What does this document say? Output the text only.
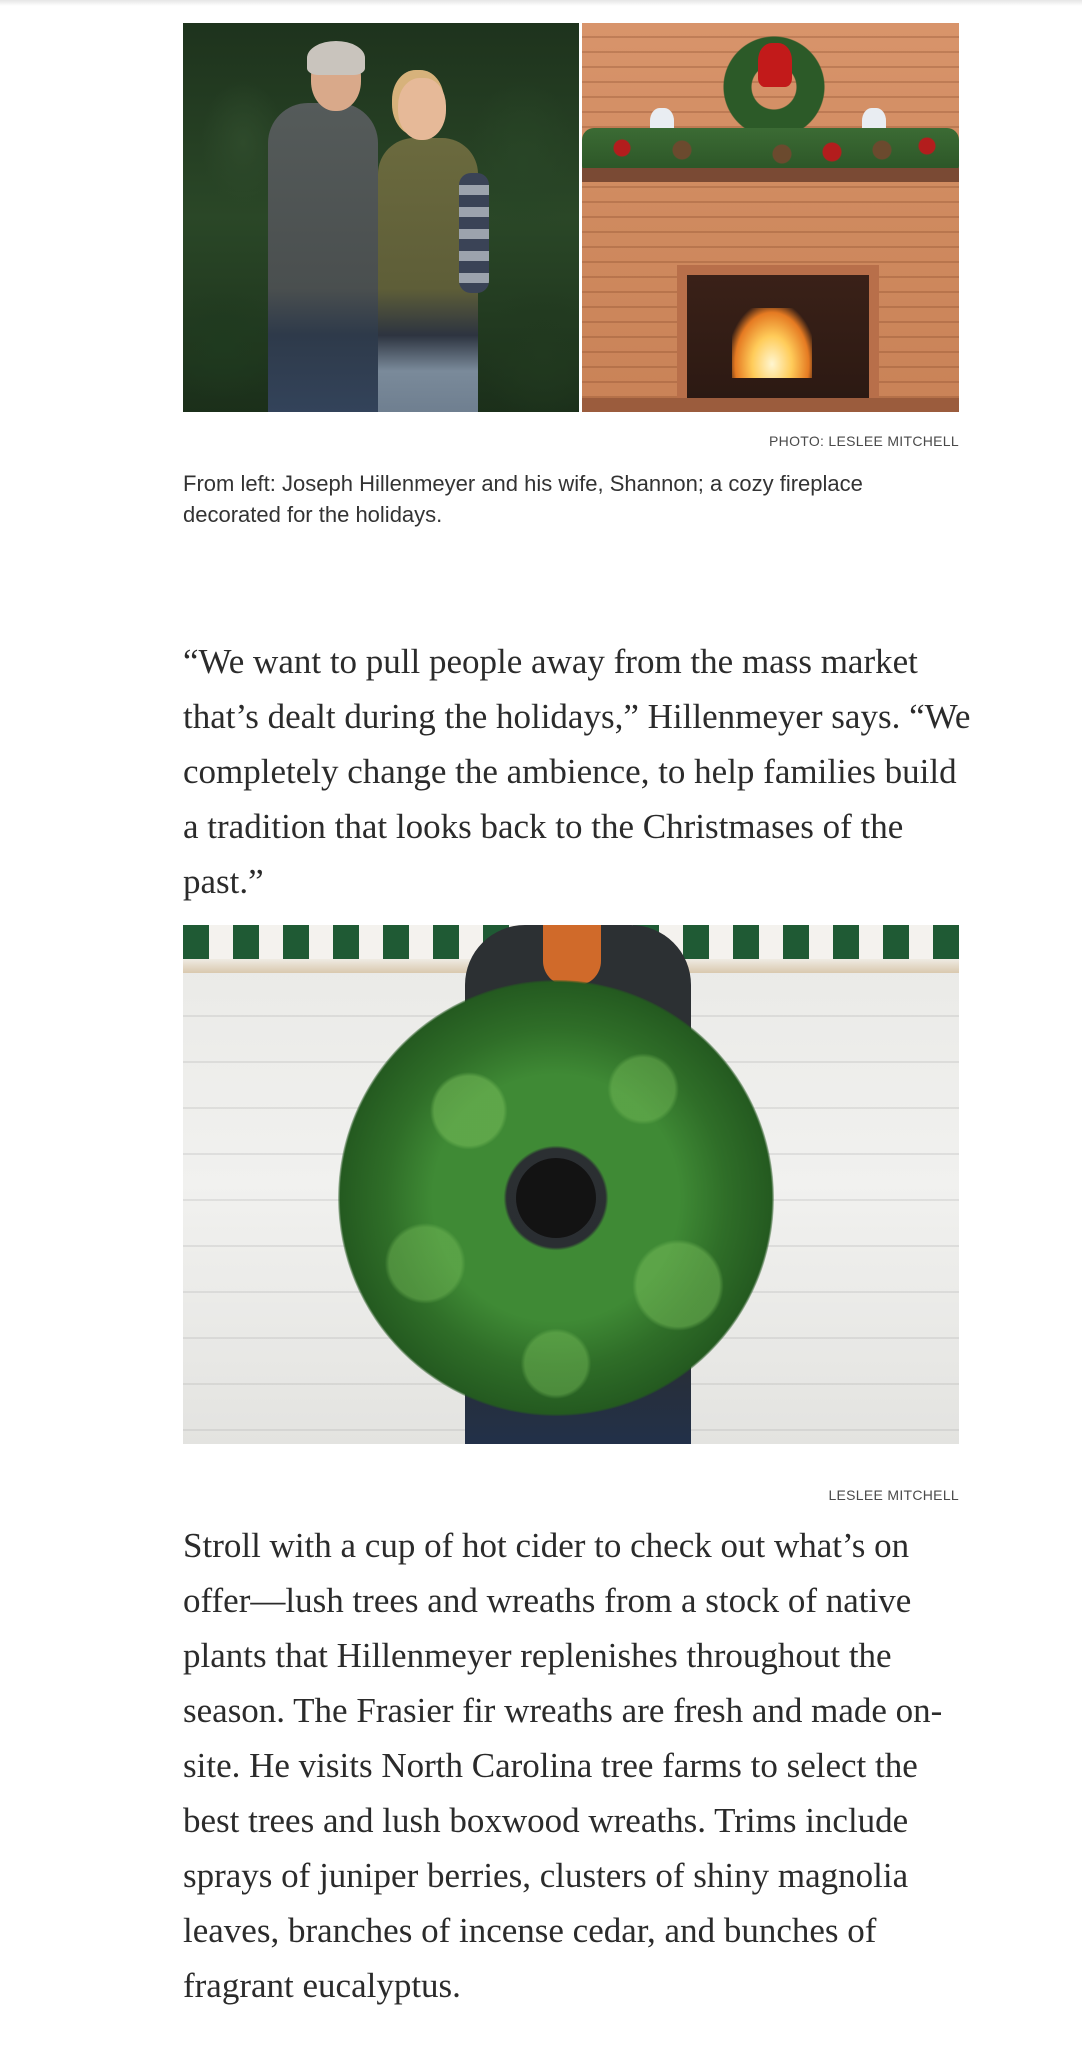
PHOTO: LESLEE MITCHELL
From left: Joseph Hillenmeyer and his wife, Shannon; a cozy fireplace decorated for the holidays.

“We want to pull people away from the mass market that’s dealt during the holidays,” Hillenmeyer says. “We completely change the ambience, to help families build a tradition that looks back to the Christmases of the past.”

LESLEE MITCHELL

Stroll with a cup of hot cider to check out what’s on offer—lush trees and wreaths from a stock of native plants that Hillenmeyer replenishes throughout the season. The Frasier fir wreaths are fresh and made on-site. He visits North Carolina tree farms to select the best trees and lush boxwood wreaths. Trims include sprays of juniper berries, clusters of shiny magnolia leaves, branches of incense cedar, and bunches of fragrant eucalyptus.
